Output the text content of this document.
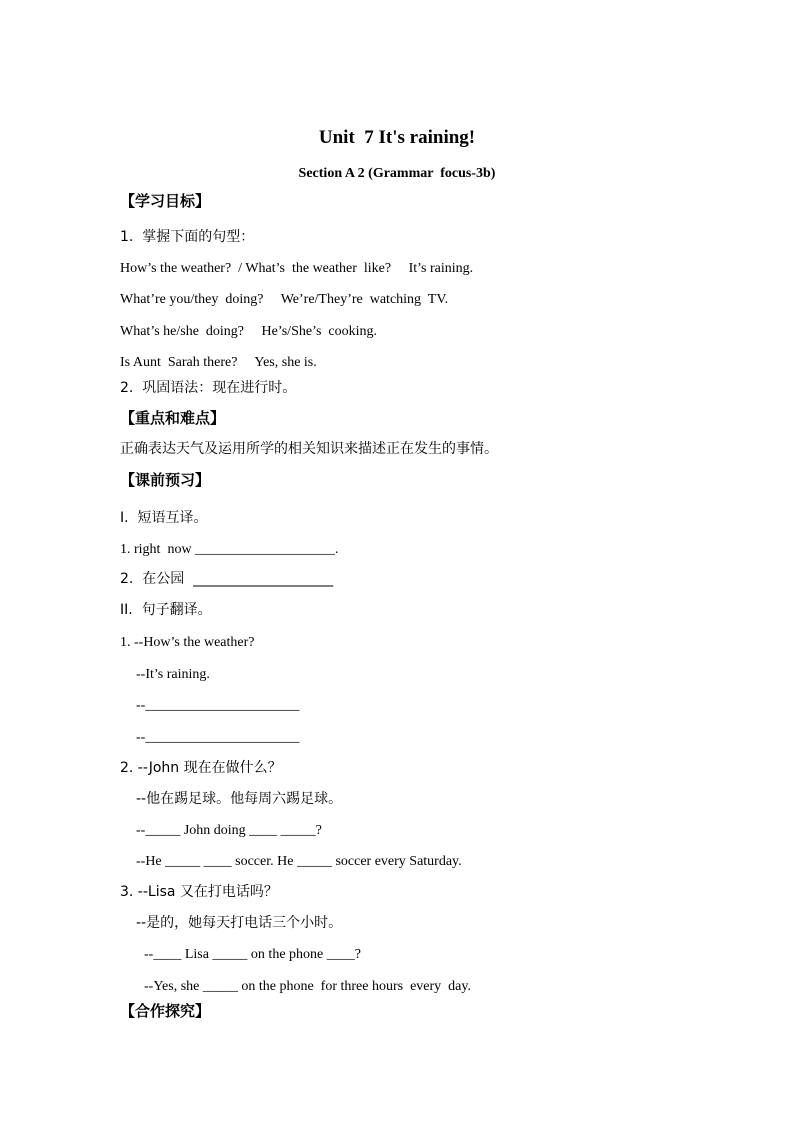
Unit  7 It's raining!
Section A 2 (Grammar  focus-3b)
【学习目标】
1.  掌握下面的句型：
How’s the weather?  / What’s  the weather  like?     It’s raining.
What’re you/they  doing?     We’re/They’re  watching  TV.
What’s he/she  doing?     He’s/She’s  cooking.
Is Aunt  Sarah there?     Yes, she is.
2.  巩固语法：现在进行时。
【重点和难点】
正确表达天气及运用所学的相关知识来描述正在发生的事情。
【课前预习】
I.  短语互译。
1. right  now ____________________.
2.  在公园  ____________________
II.  句子翻译。
1. --How’s the weather?
--It’s raining.
--______________________
--______________________
2. --John 现在在做什么？
--他在踢足球。他每周六踢足球。
--_____ John doing ____ _____?
--He _____ ____ soccer. He _____ soccer every Saturday.
3. --Lisa 又在打电话吗？
--是的，她每天打电话三个小时。
--____ Lisa _____ on the phone ____?
--Yes, she _____ on the phone  for three hours  every  day.
【合作探究】
